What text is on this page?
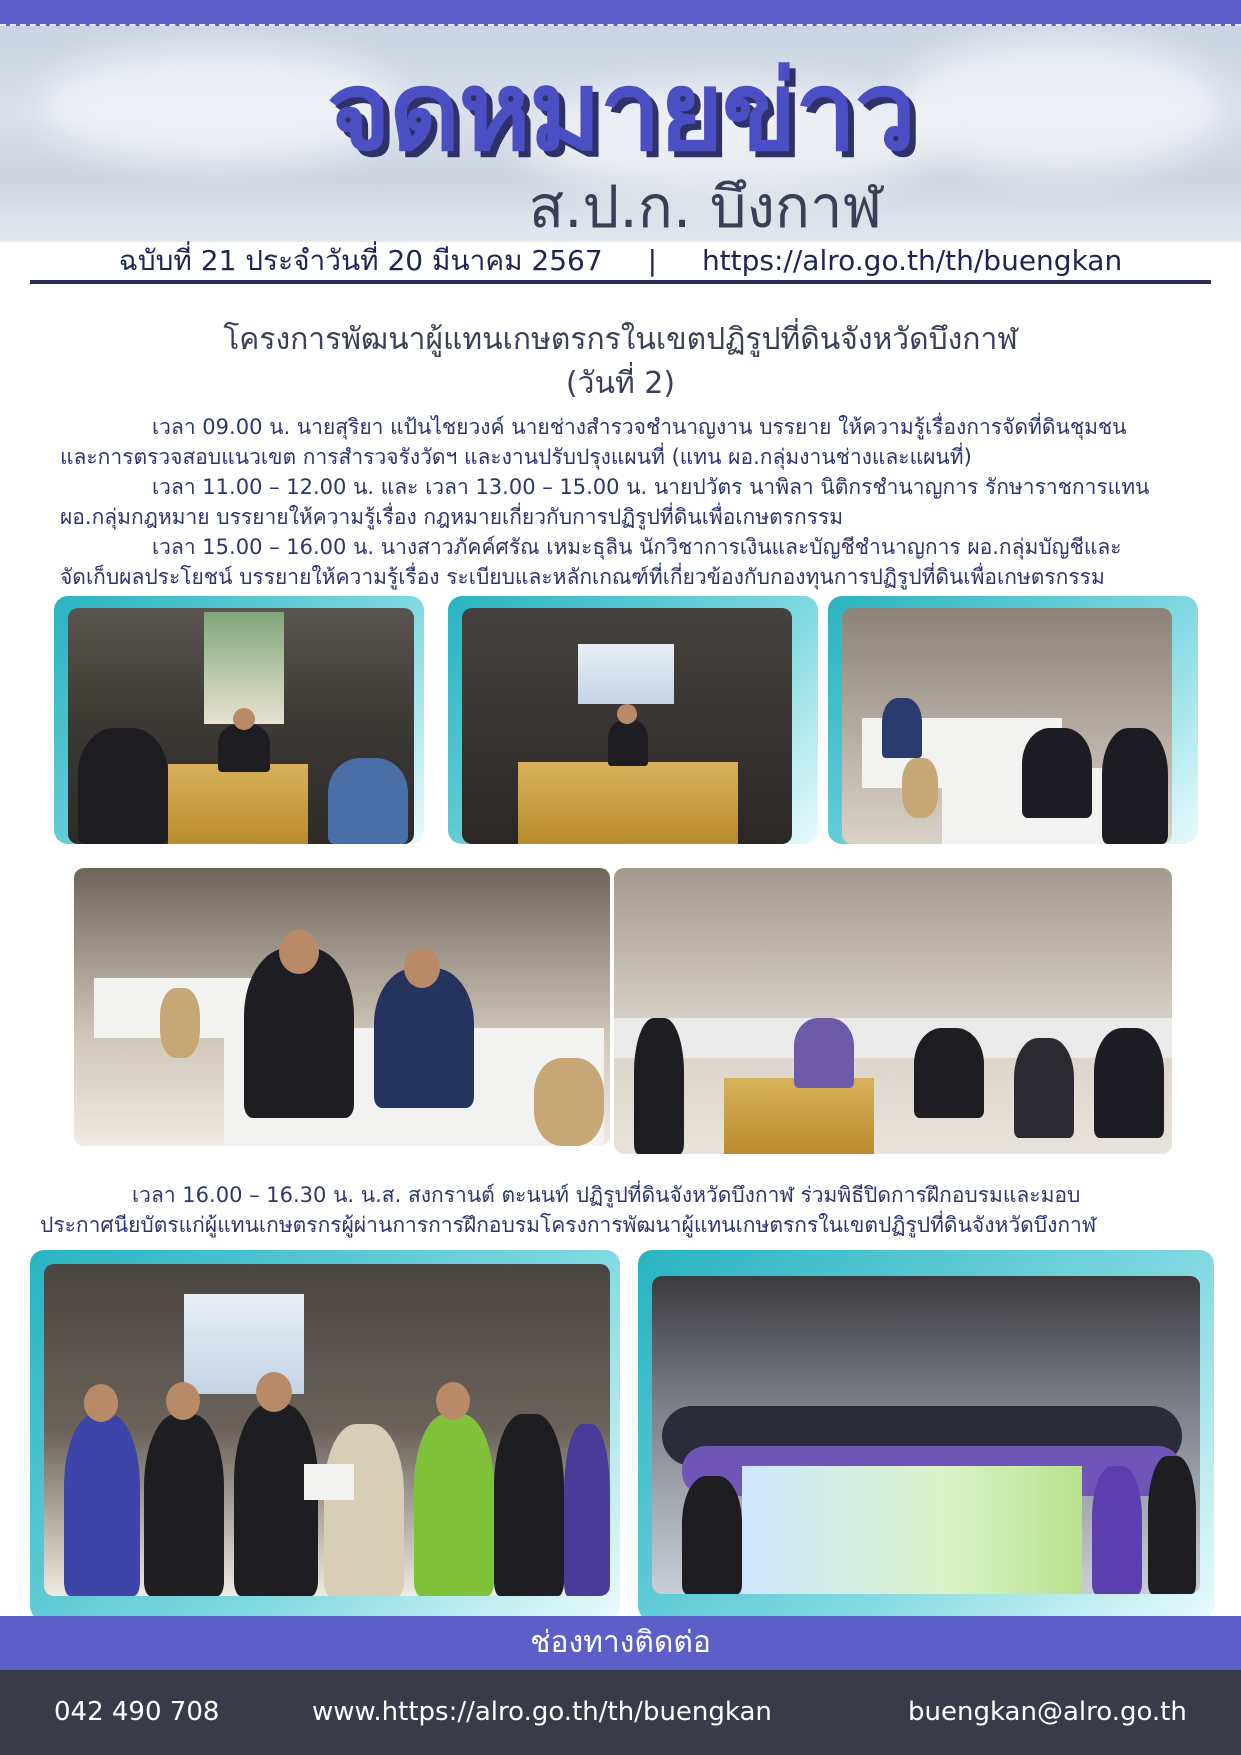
จดหมายข่าว
ส.ป.ก. บึงกาฬ
ฉบับที่ 21 ประจำวันที่ 20 มีนาคม 2567 | https://alro.go.th/th/buengkan
โครงการพัฒนาผู้แทนเกษตรกรในเขตปฏิรูปที่ดินจังหวัดบึงกาฬ
(วันที่ 2)
เวลา 09.00 น. นายสุริยา แป้นไชยวงค์ นายช่างสำรวจชำนาญงาน บรรยาย ให้ความรู้เรื่องการจัดที่ดินชุมชน
และการตรวจสอบแนวเขต การสำรวจรังวัดฯ และงานปรับปรุงแผนที่ (แทน ผอ.กลุ่มงานช่างและแผนที่)
เวลา 11.00 – 12.00 น. และ เวลา 13.00 – 15.00 น. นายปวัตร นาพิลา นิติกรชำนาญการ รักษาราชการแทน
ผอ.กลุ่มกฎหมาย บรรยายให้ความรู้เรื่อง กฎหมายเกี่ยวกับการปฏิรูปที่ดินเพื่อเกษตรกรรม
เวลา 15.00 – 16.00 น. นางสาวภัคค์ศรัณ เหมะธุลิน นักวิชาการเงินและบัญชีชำนาญการ ผอ.กลุ่มบัญชีและ
จัดเก็บผลประโยชน์ บรรยายให้ความรู้เรื่อง ระเบียบและหลักเกณฑ์ที่เกี่ยวข้องกับกองทุนการปฏิรูปที่ดินเพื่อเกษตรกรรม
เวลา 16.00 – 16.30 น. น.ส. สงกรานต์ ตะนนท์ ปฏิรูปที่ดินจังหวัดบึงกาฬ ร่วมพิธีปิดการฝึกอบรมและมอบ
ประกาศนียบัตรแก่ผู้แทนเกษตรกรผู้ผ่านการการฝึกอบรมโครงการพัฒนาผู้แทนเกษตรกรในเขตปฏิรูปที่ดินจังหวัดบึงกาฬ
ช่องทางติดต่อ
042 490 708	www.https://alro.go.th/th/buengkan	buengkan@alro.go.th
